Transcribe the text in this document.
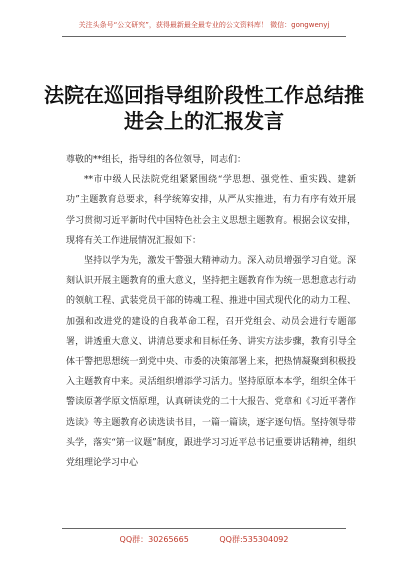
关注头条号“公文研究”，获得最新最全最专业的公文资料库！ 微信：gongwenyj
法院在巡回指导组阶段性工作总结推进会上的汇报发言

尊敬的**组长，指导组的各位领导，同志们：

**市中级人民法院党组紧紧围绕“学思想、强党性、重实践、建新功”主题教育总要求，科学统筹安排，从严从实推进，有力有序有效开展学习贯彻习近平新时代中国特色社会主义思想主题教育。根据会议安排，现将有关工作进展情况汇报如下：

坚持以学为先，激发干警强大精神动力。深入动员增强学习自觉。深刻认识开展主题教育的重大意义，坚持把主题教育作为统一思想意志行动的领航工程、武装党员干部的铸魂工程、推进中国式现代化的动力工程、加强和改进党的建设的自我革命工程，召开党组会、动员会进行专题部署，讲透重大意义、讲清总要求和目标任务、讲实方法步骤，教育引导全体干警把思想统一到党中央、市委的决策部署上来，把热情凝聚到积极投入主题教育中来。灵活组织增添学习活力。坚持原原本本学，组织全体干警读原著学原文悟原理，认真研读党的二十大报告、党章和《习近平著作选读》等主题教育必读选读书目，一篇一篇读，逐字逐句悟。坚持领导带头学，落实“第一议题”制度，跟进学习习近平总书记重要讲话精神，组织党组理论学习中心

QQ群：30265665	QQ群:535304092
